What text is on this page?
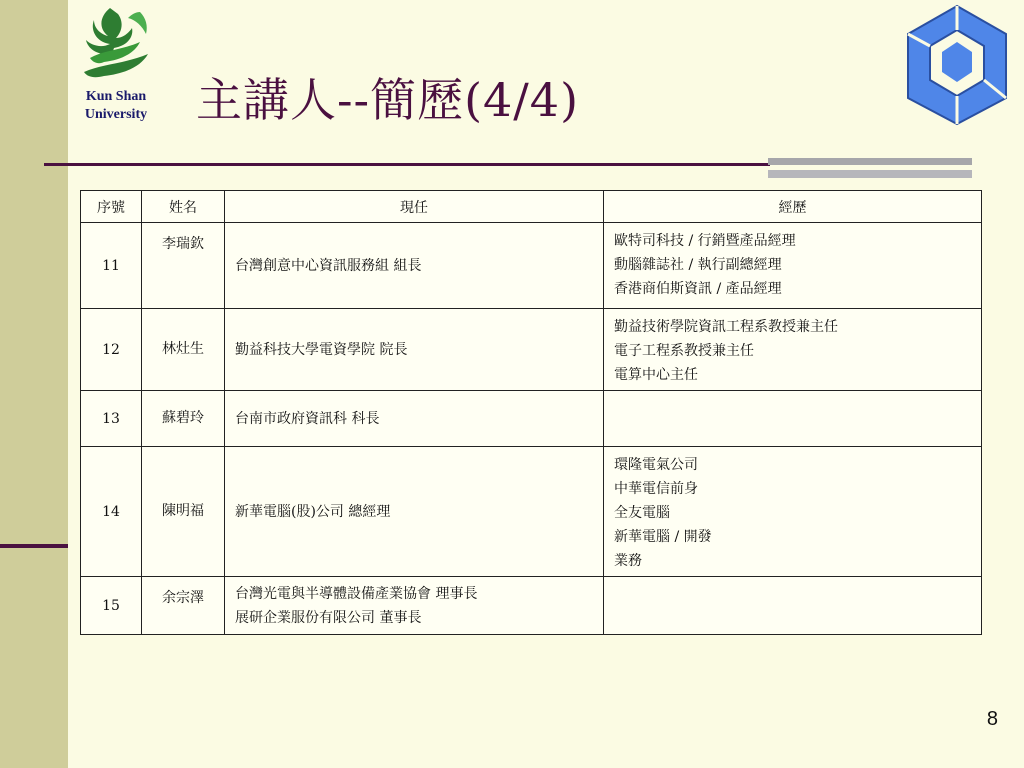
Kun Shan
University	主講人--簡歷(4/4)
序號	姓名	現任	經歷
11	李瑞欽	台灣創意中心資訊服務組 組長	歐特司科技 / 行銷暨產品經理
動腦雜誌社 / 執行副總經理
香港商伯斯資訊 / 產品經理

12	林灶生	勤益科技大學電資學院 院長	勤益技術學院資訊工程系教授兼主任
電子工程系教授兼主任
電算中心主任

13	蘇碧玲	台南市政府資訊科 科長	

14	陳明福	新華電腦(股)公司 總經理	環隆電氣公司
中華電信前身
全友電腦
新華電腦 / 開發
業務

15	余宗澤	台灣光電與半導體設備產業協會 理事長
展研企業服份有限公司 董事長	

8
